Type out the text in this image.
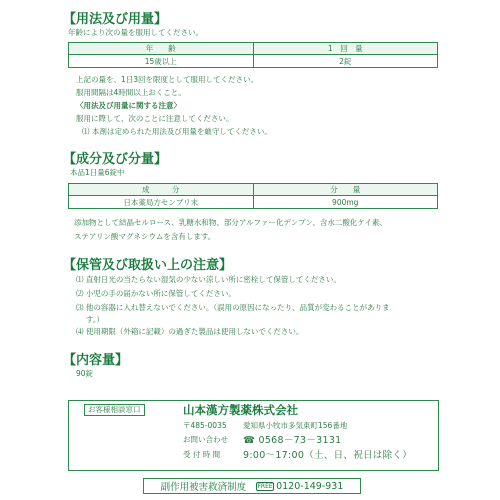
【用法及び用量】
年齢により次の量を服用してください。
年　　齢	1　回　量
15歳以上	2錠
上記の量を、1日3回を限度として服用してください。
服用間隔は4時間以上おくこと。
〈用法及び用量に関する注意〉
服用に際して、次のことに注意してください。
⑴ 本剤は定められた用法及び用量を厳守してください。
【成分及び分量】
本品1日量6錠中
成　　　分	分　　量
日本薬局方センブリ末	900mg
添加物として結晶セルロース、乳糖水和物、部分アルファー化デンプン、含水二酸化ケイ素、
ステアリン酸マグネシウムを含有します。
【保管及び取扱い上の注意】
⑴ 直射日光の当たらない湿気の少ない涼しい所に密栓して保管してください。
⑵ 小児の手の届かない所に保管してください。
⑶ 他の容器に入れ替えないでください。（誤用の原因になったり、品質が変わることがありま
　 す。）
⑷ 使用期限（外箱に記載）の過ぎた製品は使用しないでください。
【内容量】
90錠
お客様相談窓口	山本漢方製薬株式会社
〒485-0035 愛知県小牧市多気東町156番地
お問い合わせ ☎ 0568－73－3131
受 付 時 間 9:00～17:00（土、日、祝日は除く）
副作用被害救済制度 FREE 0120-149-931
